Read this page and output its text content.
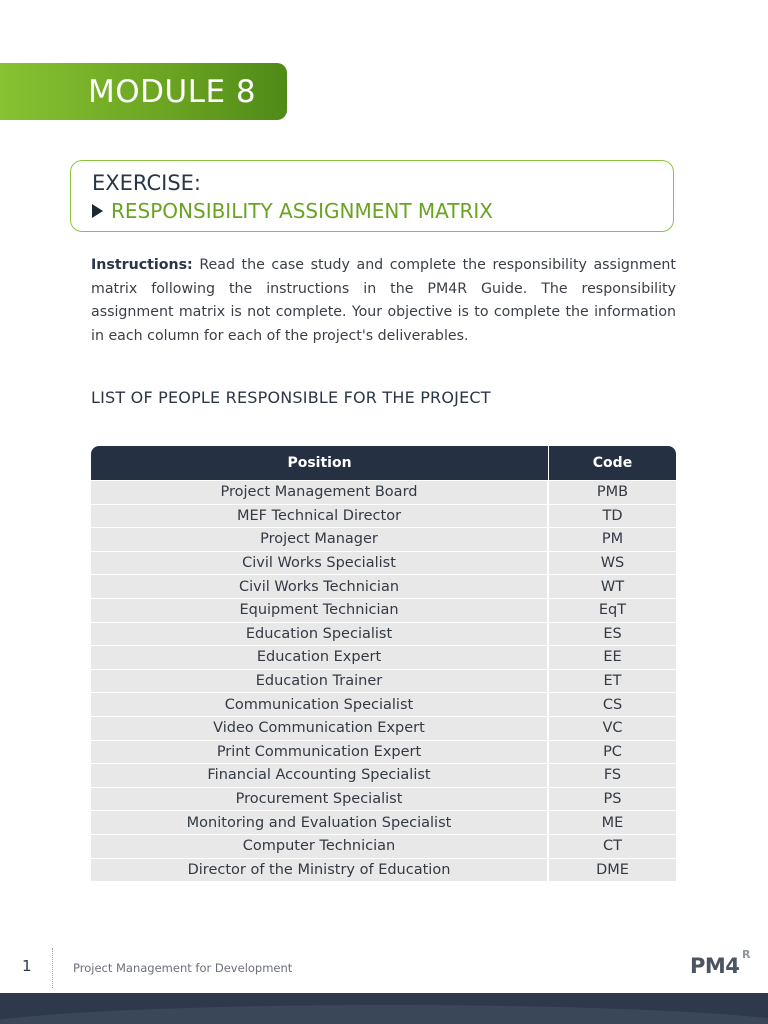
MODULE 8
EXERCISE:
RESPONSIBILITY ASSIGNMENT MATRIX
Instructions: Read the case study and complete the responsibility assignment matrix following the instructions in the PM4R Guide. The responsibility assignment matrix is not complete. Your objective is to complete the information in each column for each of the project's deliverables.
LIST OF PEOPLE RESPONSIBLE FOR THE PROJECT
Position	Code
Project Management Board	PMB
MEF Technical Director	TD
Project Manager	PM
Civil Works Specialist	WS
Civil Works Technician	WT
Equipment Technician	EqT
Education Specialist	ES
Education Expert	EE
Education Trainer	ET
Communication Specialist	CS
Video Communication Expert	VC
Print Communication Expert	PC
Financial Accounting Specialist	FS
Procurement Specialist	PS
Monitoring and Evaluation Specialist	ME
Computer Technician	CT
Director of the Ministry of Education	DME
1	Project Management for Development	PM4 R
